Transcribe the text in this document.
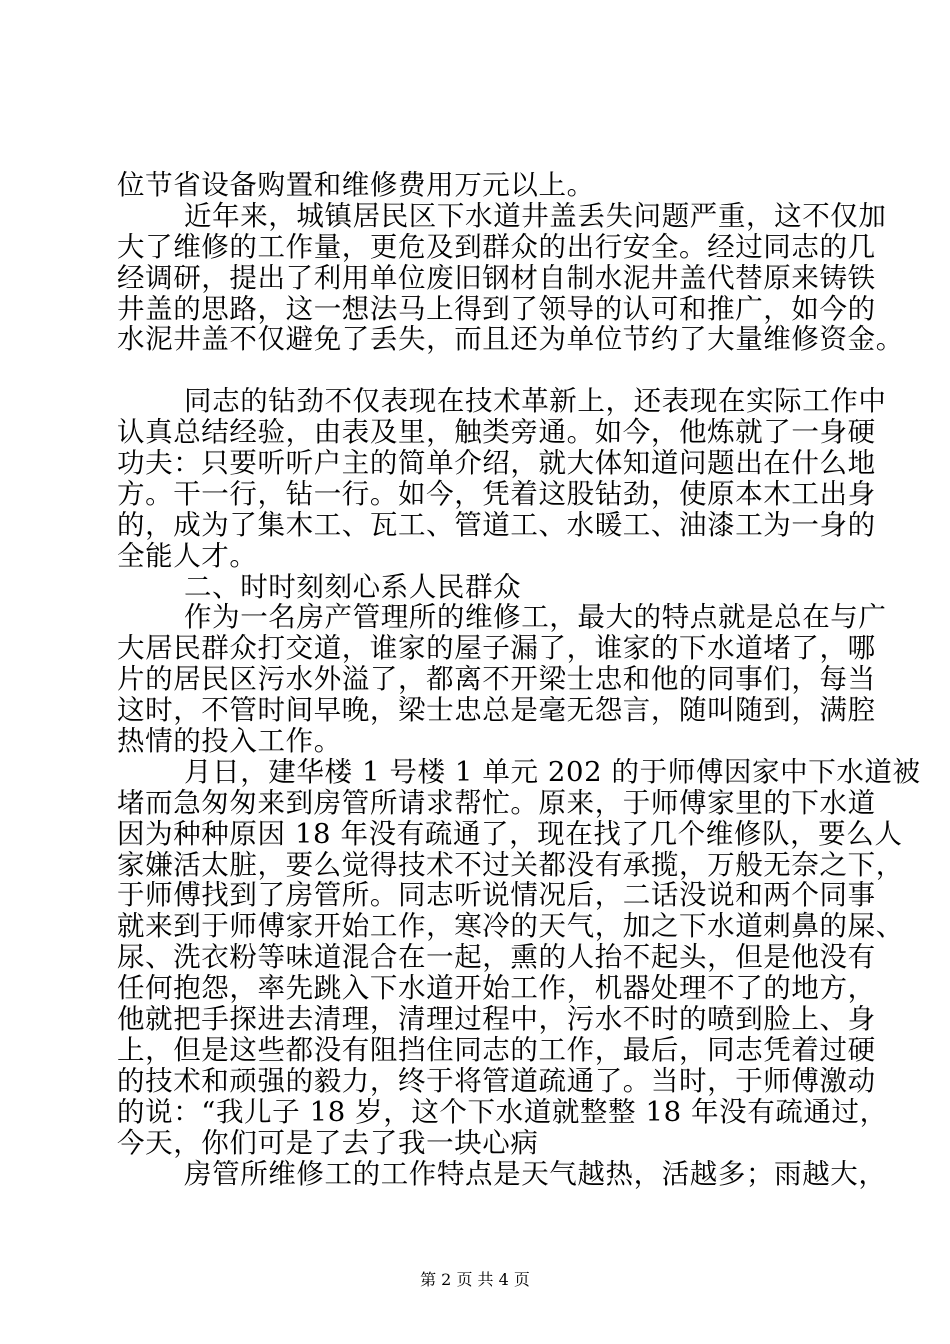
位节省设备购置和维修费用万元以上。
近年来，城镇居民区下水道井盖丢失问题严重，这不仅加
大了维修的工作量，更危及到群众的出行安全。经过同志的几
经调研，提出了利用单位废旧钢材自制水泥井盖代替原来铸铁
井盖的思路，这一想法马上得到了领导的认可和推广，如今的
水泥井盖不仅避免了丢失，而且还为单位节约了大量维修资金。
同志的钻劲不仅表现在技术革新上，还表现在实际工作中
认真总结经验，由表及里，触类旁通。如今，他炼就了一身硬
功夫：只要听听户主的简单介绍，就大体知道问题出在什么地
方。干一行，钻一行。如今，凭着这股钻劲，使原本木工出身
的，成为了集木工、瓦工、管道工、水暖工、油漆工为一身的
全能人才。
二、时时刻刻心系人民群众
作为一名房产管理所的维修工，最大的特点就是总在与广
大居民群众打交道，谁家的屋子漏了，谁家的下水道堵了，哪
片的居民区污水外溢了，都离不开梁士忠和他的同事们，每当
这时，不管时间早晚，梁士忠总是毫无怨言，随叫随到，满腔
热情的投入工作。
月日，建华楼 1 号楼 1 单元 202 的于师傅因家中下水道被
堵而急匆匆来到房管所请求帮忙。原来，于师傅家里的下水道
因为种种原因 18 年没有疏通了，现在找了几个维修队，要么人
家嫌活太脏，要么觉得技术不过关都没有承揽，万般无奈之下，
于师傅找到了房管所。同志听说情况后，二话没说和两个同事
就来到于师傅家开始工作，寒冷的天气，加之下水道刺鼻的屎、
尿、洗衣粉等味道混合在一起，熏的人抬不起头，但是他没有
任何抱怨，率先跳入下水道开始工作，机器处理不了的地方，
他就把手探进去清理，清理过程中，污水不时的喷到脸上、身
上，但是这些都没有阻挡住同志的工作，最后，同志凭着过硬
的技术和顽强的毅力，终于将管道疏通了。当时，于师傅激动
的说：“我儿子 18 岁，这个下水道就整整 18 年没有疏通过，
今天，你们可是了去了我一块心病
房管所维修工的工作特点是天气越热，活越多；雨越大，
第 2 页 共 4 页
